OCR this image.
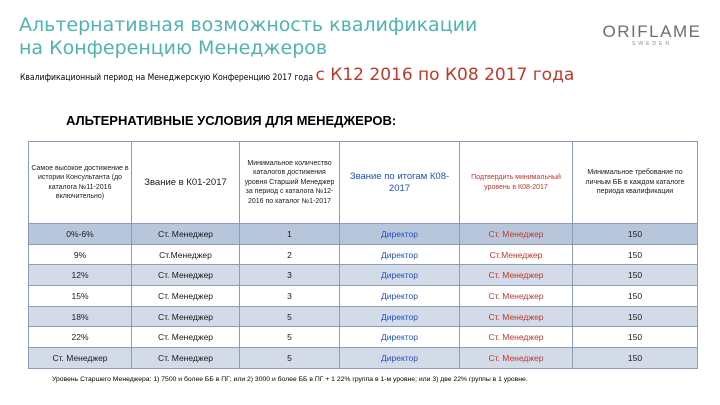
Альтернативная возможность квалификации
на Конференцию Менеджеров
ORIFLAME
SWEDEN
Квалификационный период на Менеджерскую Конференцию 2017 года с К12 2016 по К08 2017 года
АЛЬТЕРНАТИВНЫЕ УСЛОВИЯ ДЛЯ МЕНЕДЖЕРОВ:
Самое высокое достижение в истории Консультанта (до каталога №11-2016 включительно)	Звание в К01-2017	Минимальное количество каталогов достижения уровня Старший Менеджер за период с каталога №12-2016 по каталог №1-2017	Звание по итогам К08-2017	Подтвердить минимальный уровень в К08-2017	Минимальное требование по личным ББ в каждом каталоге периода квалификации
0%-6%	Ст. Менеджер	1	Директор	Ст. Менеджер	150
9%	Ст.Менеджер	2	Директор	Ст.Менеджер	150
12%	Ст. Менеджер	3	Директор	Ст. Менеджер	150
15%	Ст. Менеджер	3	Директор	Ст. Менеджер	150
18%	Ст. Менеджер	5	Директор	Ст. Менеджер	150
22%	Ст. Менеджер	5	Директор	Ст. Менеджер	150
Ст. Менеджер	Ст. Менеджер	5	Директор	Ст. Менеджер	150
Уровень Старшего Менеджера: 1) 7500 и более ББ в ПГ; или 2) 3000 и более ББ в ПГ + 1 22% группа в 1-м уровне; или 3) две 22% группы в 1 уровне.
